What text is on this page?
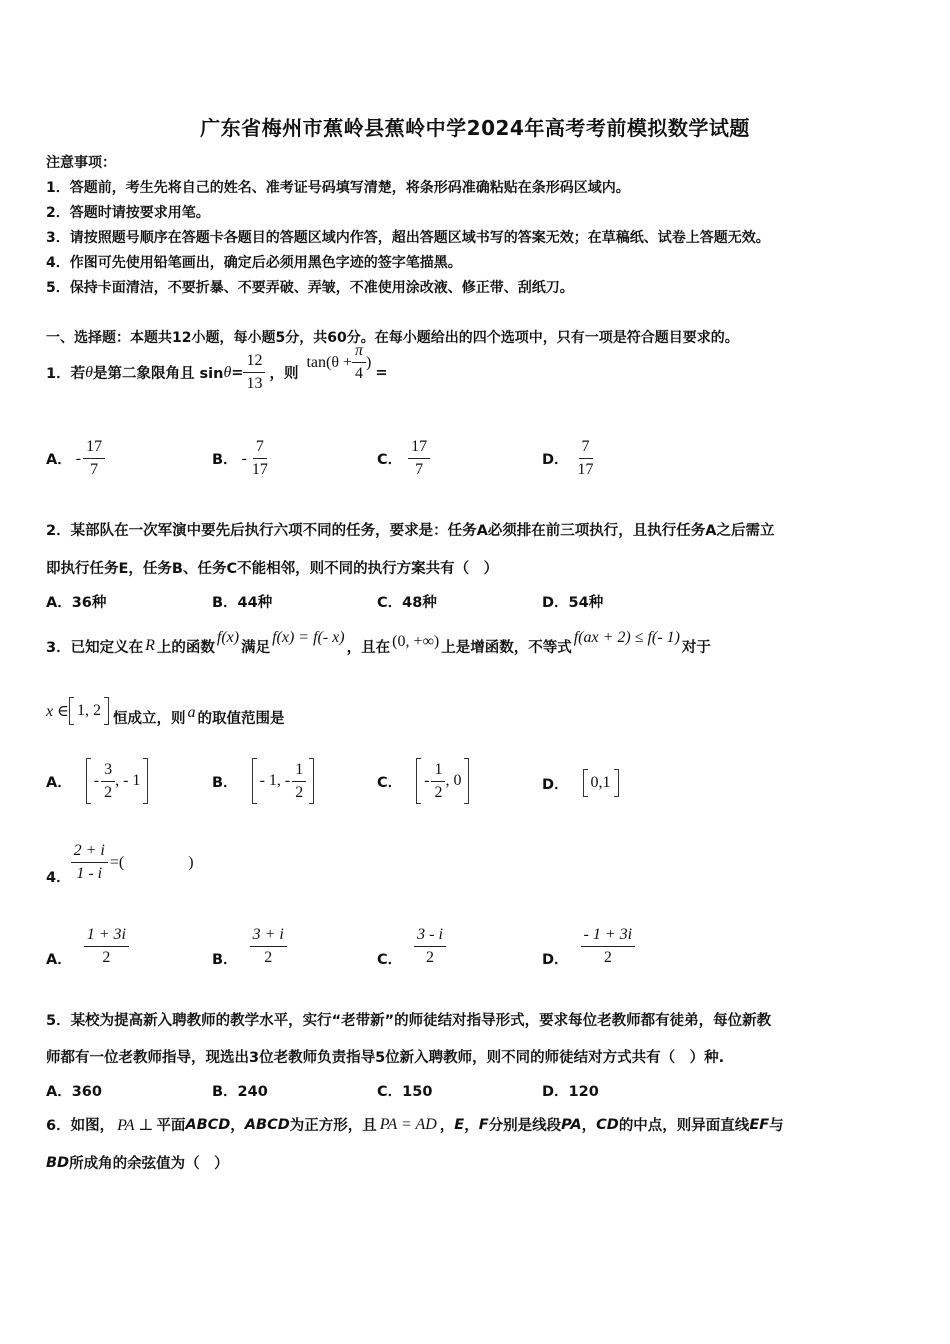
广东省梅州市蕉岭县蕉岭中学2024年高考考前模拟数学试题
注意事项：
1．答题前，考生先将自己的姓名、准考证号码填写清楚，将条形码准确粘贴在条形码区域内。
2．答题时请按要求用笔。
3．请按照题号顺序在答题卡各题目的答题区域内作答，超出答题区域书写的答案无效；在草稿纸、试卷上答题无效。
4．作图可先使用铅笔画出，确定后必须用黑色字迹的签字笔描黑。
5．保持卡面清洁，不要折暴、不要弄破、弄皱，不准使用涂改液、修正带、刮纸刀。
一、选择题：本题共12小题，每小题5分，共60分。在每小题给出的四个选项中，只有一项是符合题目要求的。
1．若 θ 是第二象限角且 $\sin \theta = \frac{12}{13}$ ，则
$\tan(\theta + \frac{\pi}{4}$ )
=
A． - $\frac{17}{7}$	B． - $\frac{7}{17}$	C． $\frac{17}{7}$	D． $\frac{7}{17}$
2．某部队在一次军演中要先后执行六项不同的任务，要求是：任务A必须排在前三项执行，且执行任务A之后需立
即执行任务E，任务B、任务C不能相邻，则不同的执行方案共有（　）
A．36种	B．44种	C．48种	D．54种
3．已知定义在 R 上的函数
f(x)
满足
f(x) = f(- x)
，且在 (0, +∞) 上是增函数，不等式
f(ax + 2) ≤ f(- 1)
对于
x ∈ 1, 2 恒成立，则 a 的取值范围是
A． - $\frac{3}{2}$ , - 1	B． - 1, - $\frac{1}{2}$	C． - $\frac{1}{2}$ , 0	D． 0,1
4． $\frac{2 + i}{1 - i}$ =(　　　　)
A． $\frac{1 + 3i}{2}$	B． $\frac{3 + i}{2}$	C． $\frac{3 - i}{2}$	D． $\frac{- 1 + 3i}{2}$
5．某校为提高新入聘教师的教学水平，实行“老带新”的师徒结对指导形式，要求每位老教师都有徒弟，每位新教
师都有一位老教师指导，现选出3位老教师负责指导5位新入聘教师，则不同的师徒结对方式共有（　）种.
A．360	B．240	C．150	D．120
6．如图， PA ⊥ 平面 ABCD ， ABCD 为正方形，且 PA = AD ， E ， F 分别是线段 PA ， CD 的中点，则异面直线 EF 与
BD 所成角的余弦值为（　）
